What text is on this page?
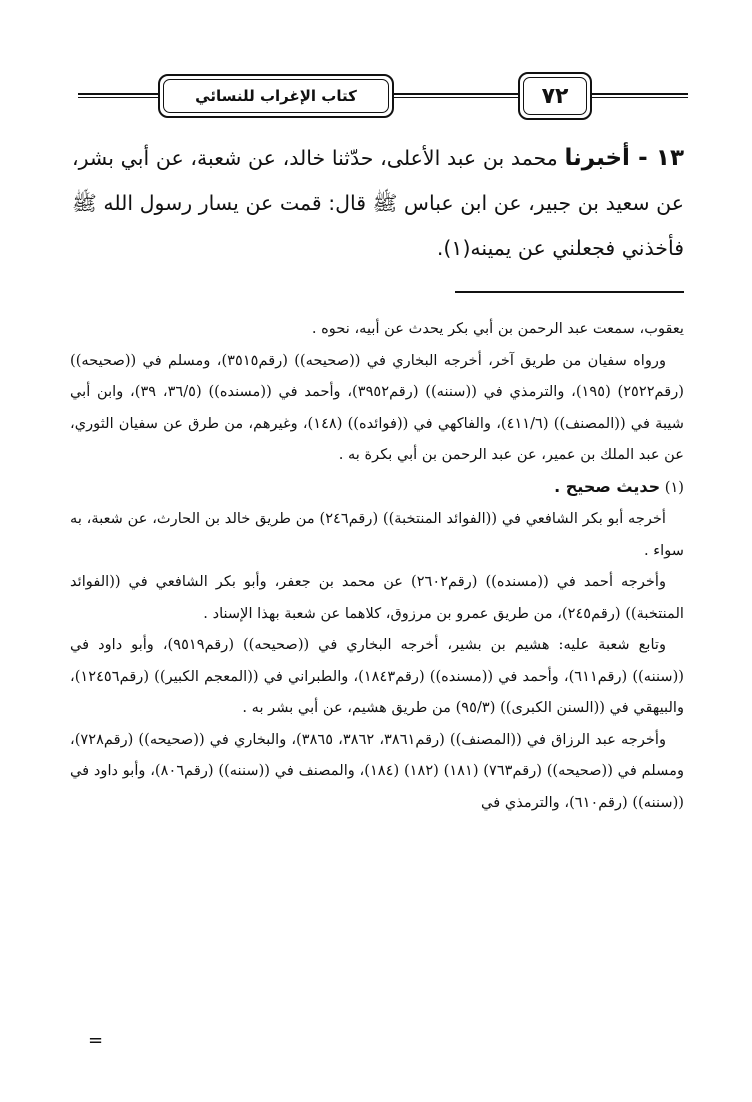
كتاب الإغراب للنسائي	٧٢

١٣ - أخبرنا محمد بن عبد الأعلى، حدّثنا خالد، عن شعبة، عن أبي بشر، عن سعيد بن جبير، عن ابن عباس ﷺ قال: قمت عن يسار رسول الله ﷺ فأخذني فجعلني عن يمينه(١).

يعقوب، سمعت عبد الرحمن بن أبي بكر يحدث عن أبيه، نحوه .

ورواه سفيان من طريق آخر، أخرجه البخاري في ((صحيحه)) (رقم٣٥١٥)، ومسلم في ((صحيحه)) (رقم٢٥٢٢) (١٩٥)، والترمذي في ((سننه)) (رقم٣٩٥٢)، وأحمد في ((مسنده)) (٣٦/٥، ٣٩)، وابن أبي شيبة في ((المصنف)) (٤١١/٦)، والفاكهي في ((فوائده)) (١٤٨)، وغيرهم، من طرق عن سفيان الثوري، عن عبد الملك بن عمير، عن عبد الرحمن بن أبي بكرة به .

(١) حديث صحيح .

أخرجه أبو بكر الشافعي في ((الفوائد المنتخبة)) (رقم٢٤٦) من طريق خالد بن الحارث، عن شعبة، به سواء .

وأخرجه أحمد في ((مسنده)) (رقم٢٦٠٢) عن محمد بن جعفر، وأبو بكر الشافعي في ((الفوائد المنتخبة)) (رقم٢٤٥)، من طريق عمرو بن مرزوق، كلاهما عن شعبة بهذا الإسناد .

وتابع شعبة عليه: هشيم بن بشير، أخرجه البخاري في ((صحيحه)) (رقم٩٥١٩)، وأبو داود في ((سننه)) (رقم٦١١)، وأحمد في ((مسنده)) (رقم١٨٤٣)، والطبراني في ((المعجم الكبير)) (رقم١٢٤٥٦)، والبيهقي في ((السنن الكبرى)) (٩٥/٣) من طريق هشيم، عن أبي بشر به .

وأخرجه عبد الرزاق في ((المصنف)) (رقم٣٨٦١، ٣٨٦٢، ٣٨٦٥)، والبخاري في ((صحيحه)) (رقم٧٢٨)، ومسلم في ((صحيحه)) (رقم٧٦٣) (١٨١) (١٨٢) (١٨٤)، والمصنف في ((سننه)) (رقم٨٠٦)، وأبو داود في ((سننه)) (رقم٦١٠)، والترمذي في

=
